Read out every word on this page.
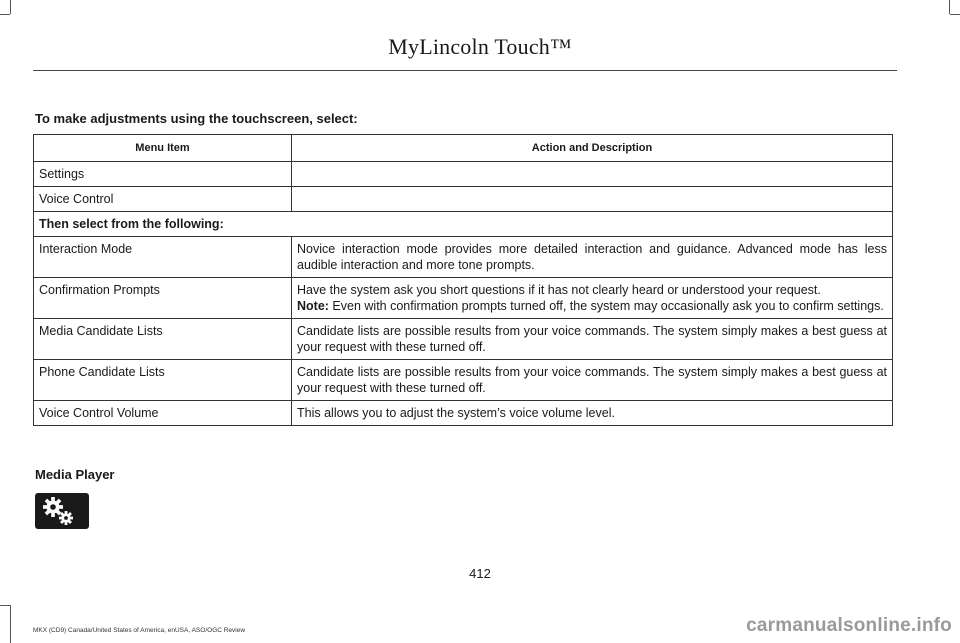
MyLincoln Touch™
To make adjustments using the touchscreen, select:
Menu Item	Action and Description
Settings	
Voice Control	
Then select from the following:	
Interaction Mode	Novice interaction mode provides more detailed interaction and guidance. Advanced mode has less audible interaction and more tone prompts.
Confirmation Prompts	Have the system ask you short questions if it has not clearly heard or understood your request.
Note: Even with confirmation prompts turned off, the system may occasionally ask you to confirm settings.

Media Candidate Lists	Candidate lists are possible results from your voice commands. The system simply makes a best guess at your request with these turned off.
Phone Candidate Lists	Candidate lists are possible results from your voice commands. The system simply makes a best guess at your request with these turned off.
Voice Control Volume	This allows you to adjust the system’s voice volume level.
Media Player
412
MKX (CD9) Canada/United States of America, enUSA, ASO/OGC Review	carmanualsonline.info
